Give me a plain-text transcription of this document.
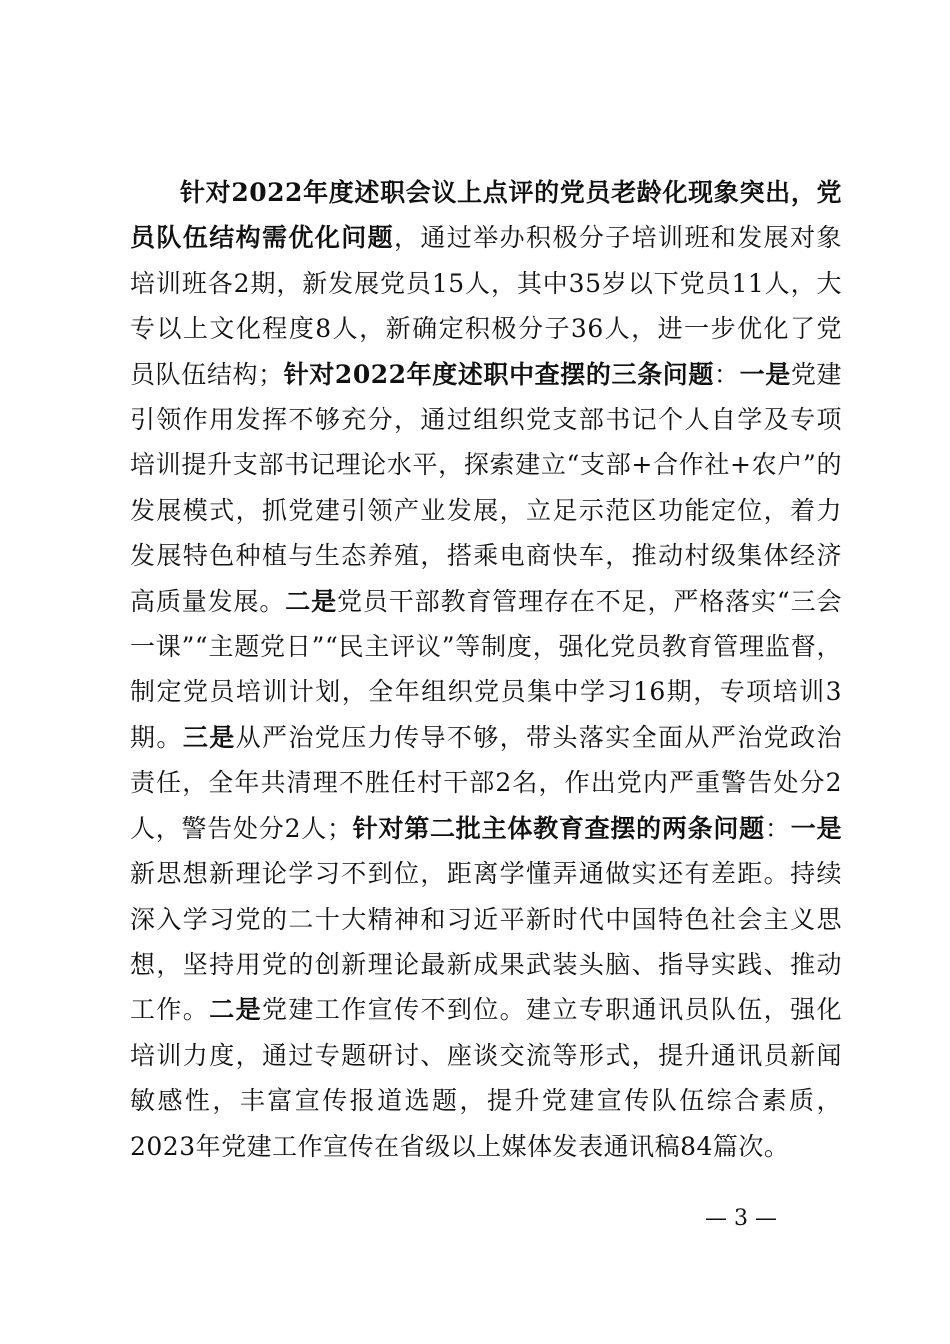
针对2022年度述职会议上点评的党员老龄化现象突出，党员队伍结构需优化问题，通过举办积极分子培训班和发展对象培训班各2期，新发展党员15人，其中35岁以下党员11人，大专以上文化程度8人，新确定积极分子36人，进一步优化了党员队伍结构；针对2022年度述职中查摆的三条问题：一是党建引领作用发挥不够充分，通过组织党支部书记个人自学及专项培训提升支部书记理论水平，探索建立“支部+合作社+农户”的发展模式，抓党建引领产业发展，立足示范区功能定位，着力发展特色种植与生态养殖，搭乘电商快车，推动村级集体经济高质量发展。二是党员干部教育管理存在不足，严格落实“三会一课”“主题党日”“民主评议”等制度，强化党员教育管理监督，制定党员培训计划，全年组织党员集中学习16期，专项培训3期。三是从严治党压力传导不够，带头落实全面从严治党政治责任，全年共清理不胜任村干部2名，作出党内严重警告处分2人，警告处分2人；针对第二批主体教育查摆的两条问题：一是新思想新理论学习不到位，距离学懂弄通做实还有差距。持续深入学习党的二十大精神和习近平新时代中国特色社会主义思想，坚持用党的创新理论最新成果武装头脑、指导实践、推动工作。二是党建工作宣传不到位。建立专职通讯员队伍，强化培训力度，通过专题研讨、座谈交流等形式，提升通讯员新闻敏感性，丰富宣传报道选题，提升党建宣传队伍综合素质，2023年党建工作宣传在省级以上媒体发表通讯稿84篇次。

— 3 —
